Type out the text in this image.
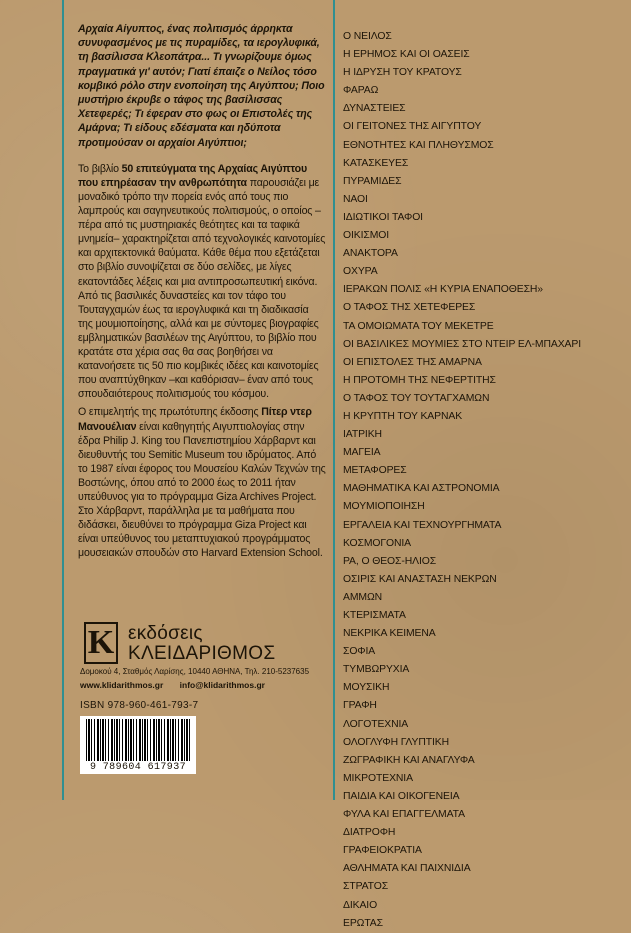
Αρχαία Αίγυπτος, ένας πολιτισμός άρρηκτα συνυφασμένος με τις πυραμίδες, τα ιερογλυφικά, τη βασίλισσα Κλεοπάτρα... Τι γνωρίζουμε όμως πραγματικά γι' αυτόν; Γιατί έπαιζε ο Νείλος τόσο κομβικό ρόλο στην ενοποίηση της Αιγύπτου; Ποιο μυστήριο έκρυβε ο τάφος της βασίλισσας Χετεφερές; Τι έφεραν στο φως οι Επιστολές της Αμάρνα; Τι είδους εδέσματα και ηδύποτα προτιμούσαν οι αρχαίοι Αιγύπτιοι;

Το βιβλίο 50 επιτεύγματα της Αρχαίας Αιγύπτου που επηρέασαν την ανθρωπότητα παρουσιάζει με μοναδικό τρόπο την πορεία ενός από τους πιο λαμπρούς και σαγηνευτικούς πολιτισμούς, ο οποίος –πέρα από τις μυστηριακές θεότητες και τα ταφικά μνημεία– χαρακτηρίζεται από τεχνολογικές καινοτομίες και αρχιτεκτονικά θαύματα. Κάθε θέμα που εξετάζεται στο βιβλίο συνοψίζεται σε δύο σελίδες, με λίγες εκατοντάδες λέξεις και μια αντιπροσωπευτική εικόνα. Από τις βασιλικές δυναστείες και τον τάφο του Τουταγχαμών έως τα ιερογλυφικά και τη διαδικασία της μουμιοποίησης, αλλά και με σύντομες βιογραφίες εμβληματικών βασιλέων της Αιγύπτου, το βιβλίο που κρατάτε στα χέρια σας θα σας βοηθήσει να κατανοήσετε τις 50 πιο κομβικές ιδέες και καινοτομίες που αναπτύχθηκαν –και καθόρισαν– έναν από τους σπουδαιότερους πολιτισμούς του κόσμου.

Ο επιμελητής της πρωτότυπης έκδοσης Πίτερ ντερ Μανουέλιαν είναι καθηγητής Αιγυπτιολογίας στην έδρα Philip J. King του Πανεπιστημίου Χάρβαρντ και διευθυντής του Semitic Museum του ιδρύματος. Από το 1987 είναι έφορος του Μουσείου Καλών Τεχνών της Βοστώνης, όπου από το 2000 έως το 2011 ήταν υπεύθυνος για το πρόγραμμα Giza Archives Project. Στο Χάρβαρντ, παράλληλα με τα μαθήματα που διδάσκει, διευθύνει το πρόγραμμα Giza Project και είναι υπεύθυνος του μεταπτυχιακού προγράμματος μουσειακών σπουδών στο Harvard Extension School.

K εκδόσεις
ΚΛΕΙΔΑΡΙΘΜΟΣ
Δομοκού 4, Σταθμός Λαρίσης, 10440 ΑΘΗΝΑ, Τηλ. 210-5237635
www.klidarithmos.gr info@klidarithmos.gr
ISBN 978-960-461-793-7
9 789604 617937
Ο ΝΕΙΛΟΣ
Η ΕΡΗΜΟΣ ΚΑΙ ΟΙ ΟΑΣΕΙΣ
Η ΙΔΡΥΣΗ ΤΟΥ ΚΡΑΤΟΥΣ
ΦΑΡΑΩ
ΔΥΝΑΣΤΕΙΕΣ
ΟΙ ΓΕΙΤΟΝΕΣ ΤΗΣ ΑΙΓΥΠΤΟΥ
ΕΘΝΟΤΗΤΕΣ ΚΑΙ ΠΛΗΘΥΣΜΟΣ
ΚΑΤΑΣΚΕΥΕΣ
ΠΥΡΑΜΙΔΕΣ
ΝΑΟΙ
ΙΔΙΩΤΙΚΟΙ ΤΑΦΟΙ
ΟΙΚΙΣΜΟΙ
ΑΝΑΚΤΟΡΑ
ΟΧΥΡΑ
ΙΕΡΑΚΩΝ ΠΟΛΙΣ «Η ΚΥΡΙΑ ΕΝΑΠΟΘΕΣΗ»
Ο ΤΑΦΟΣ ΤΗΣ ΧΕΤΕΦΕΡΕΣ
ΤΑ ΟΜΟΙΩΜΑΤΑ ΤΟΥ ΜΕΚΕΤΡΕ
ΟΙ ΒΑΣΙΛΙΚΕΣ ΜΟΥΜΙΕΣ ΣΤΟ ΝΤΕΙΡ ΕΛ-ΜΠΑΧΑΡΙ
ΟΙ ΕΠΙΣΤΟΛΕΣ ΤΗΣ ΑΜΑΡΝΑ
Η ΠΡΟΤΟΜΗ ΤΗΣ ΝΕΦΕΡΤΙΤΗΣ
Ο ΤΑΦΟΣ ΤΟΥ ΤΟΥΤΑΓΧΑΜΩΝ
Η ΚΡΥΠΤΗ ΤΟΥ ΚΑΡΝΑΚ
ΙΑΤΡΙΚΗ
ΜΑΓΕΙΑ
ΜΕΤΑΦΟΡΕΣ
ΜΑΘΗΜΑΤΙΚΑ ΚΑΙ ΑΣΤΡΟΝΟΜΙΑ
ΜΟΥΜΙΟΠΟΙΗΣΗ
ΕΡΓΑΛΕΙΑ ΚΑΙ ΤΕΧΝΟΥΡΓΗΜΑΤΑ
ΚΟΣΜΟΓΟΝΙΑ
ΡΑ, Ο ΘΕΟΣ-ΗΛΙΟΣ
ΟΣΙΡΙΣ ΚΑΙ ΑΝΑΣΤΑΣΗ ΝΕΚΡΩΝ
ΑΜΜΩΝ
ΚΤΕΡΙΣΜΑΤΑ
ΝΕΚΡΙΚΑ ΚΕΙΜΕΝΑ
ΣΟΦΙΑ
ΤΥΜΒΩΡΥΧΙΑ
ΜΟΥΣΙΚΗ
ΓΡΑΦΗ
ΛΟΓΟΤΕΧΝΙΑ
ΟΛΟΓΛΥΦΗ ΓΛΥΠΤΙΚΗ
ΖΩΓΡΑΦΙΚΗ ΚΑΙ ΑΝΑΓΛΥΦΑ
ΜΙΚΡΟΤΕΧΝΙΑ
ΠΑΙΔΙΑ ΚΑΙ ΟΙΚΟΓΕΝΕΙΑ
ΦΥΛΑ ΚΑΙ ΕΠΑΓΓΕΛΜΑΤΑ
ΔΙΑΤΡΟΦΗ
ΓΡΑΦΕΙΟΚΡΑΤΙΑ
ΑΘΛΗΜΑΤΑ ΚΑΙ ΠΑΙΧΝΙΔΙΑ
ΣΤΡΑΤΟΣ
ΔΙΚΑΙΟ
ΕΡΩΤΑΣ
